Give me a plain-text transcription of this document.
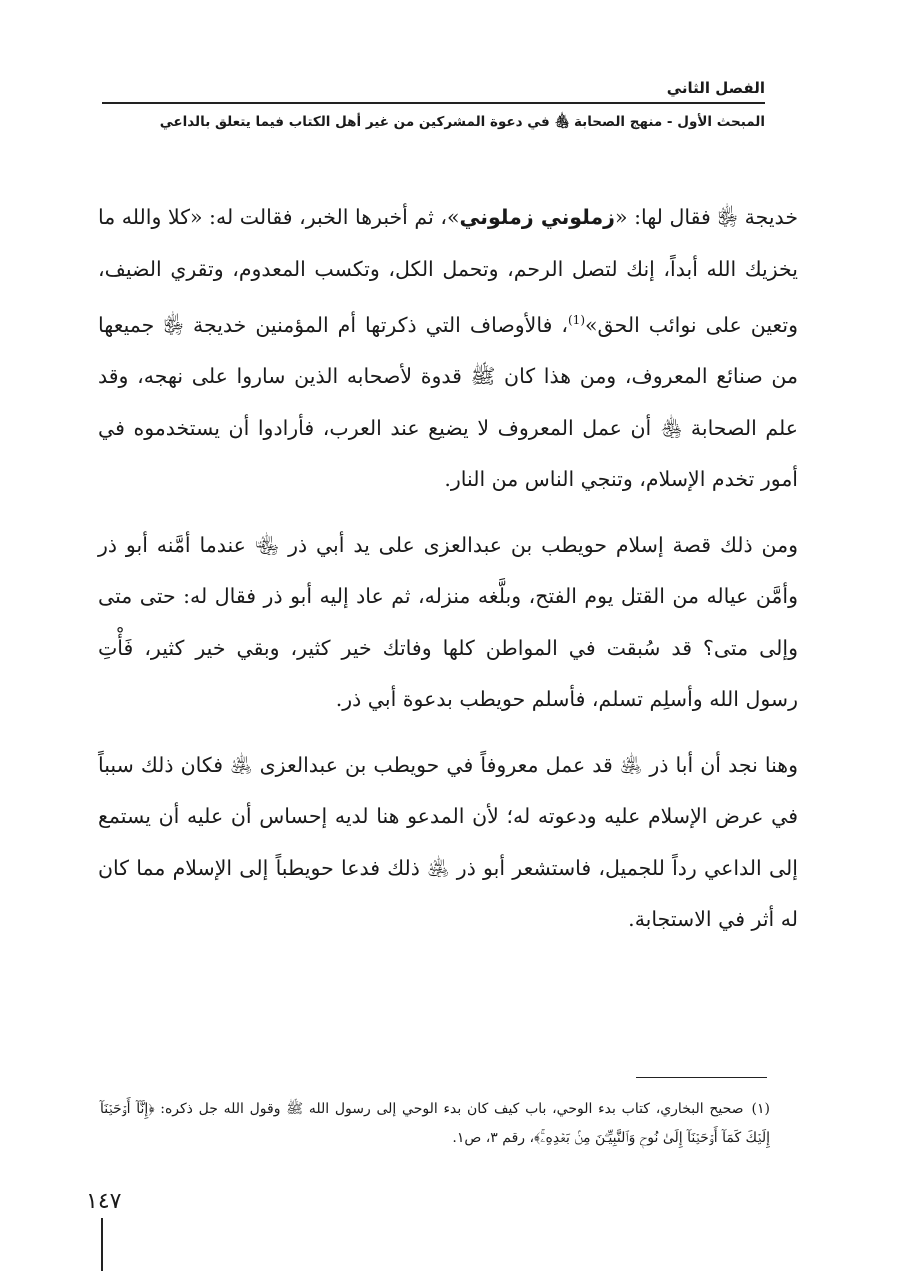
الفصل الثاني
المبحث الأول - منهج الصحابة ﵃ في دعوة المشركين من غير أهل الكتاب فيما يتعلق بالداعي

خديجة ﵂ فقال لها: «زملوني زملوني»، ثم أخبرها الخبر، فقالت له: «كلا والله ما يخزيك الله أبداً، إنك لتصل الرحم، وتحمل الكل، وتكسب المعدوم، وتقري الضيف، وتعين على نوائب الحق»$^{(1)}$، فالأوصاف التي ذكرتها أم المؤمنين خديجة ﵂ جميعها من صنائع المعروف، ومن هذا كان ﷺ قدوة لأصحابه الذين ساروا على نهجه، وقد علم الصحابة ﵃ أن عمل المعروف لا يضيع عند العرب، فأرادوا أن يستخدموه في أمور تخدم الإسلام، وتنجي الناس من النار.

ومن ذلك قصة إسلام حويطب بن عبدالعزى على يد أبي ذر ﵄ عندما أمَّنه أبو ذر وأمَّن عياله من القتل يوم الفتح، وبلَّغه منزله، ثم عاد إليه أبو ذر فقال له: حتى متى وإلى متى؟ قد سُبقت في المواطن كلها وفاتك خير كثير، وبقي خير كثير، فَأْتِ رسول الله وأسلِم تسلم، فأسلم حويطب بدعوة أبي ذر.

وهنا نجد أن أبا ذر ﵁ قد عمل معروفاً في حويطب بن عبدالعزى ﵁ فكان ذلك سبباً في عرض الإسلام عليه ودعوته له؛ لأن المدعو هنا لديه إحساس أن عليه أن يستمع إلى الداعي رداً للجميل، فاستشعر أبو ذر ﵁ ذلك فدعا حويطباً إلى الإسلام مما كان له أثر في الاستجابة.

(١)صحيح البخاري، كتاب بدء الوحي، باب كيف كان بدء الوحي إلى رسول الله ﷺ وقول الله جل ذكره: ﴿إِنَّآ أَوۡحَيۡنَآ إِلَيۡكَ كَمَآ أَوۡحَيۡنَآ إِلَىٰ نُوحٖ وَٱلنَّبِيِّـۧنَ مِنۢ بَعۡدِهِۦۚ﴾، رقم ٣، ص١.
١٤٧
